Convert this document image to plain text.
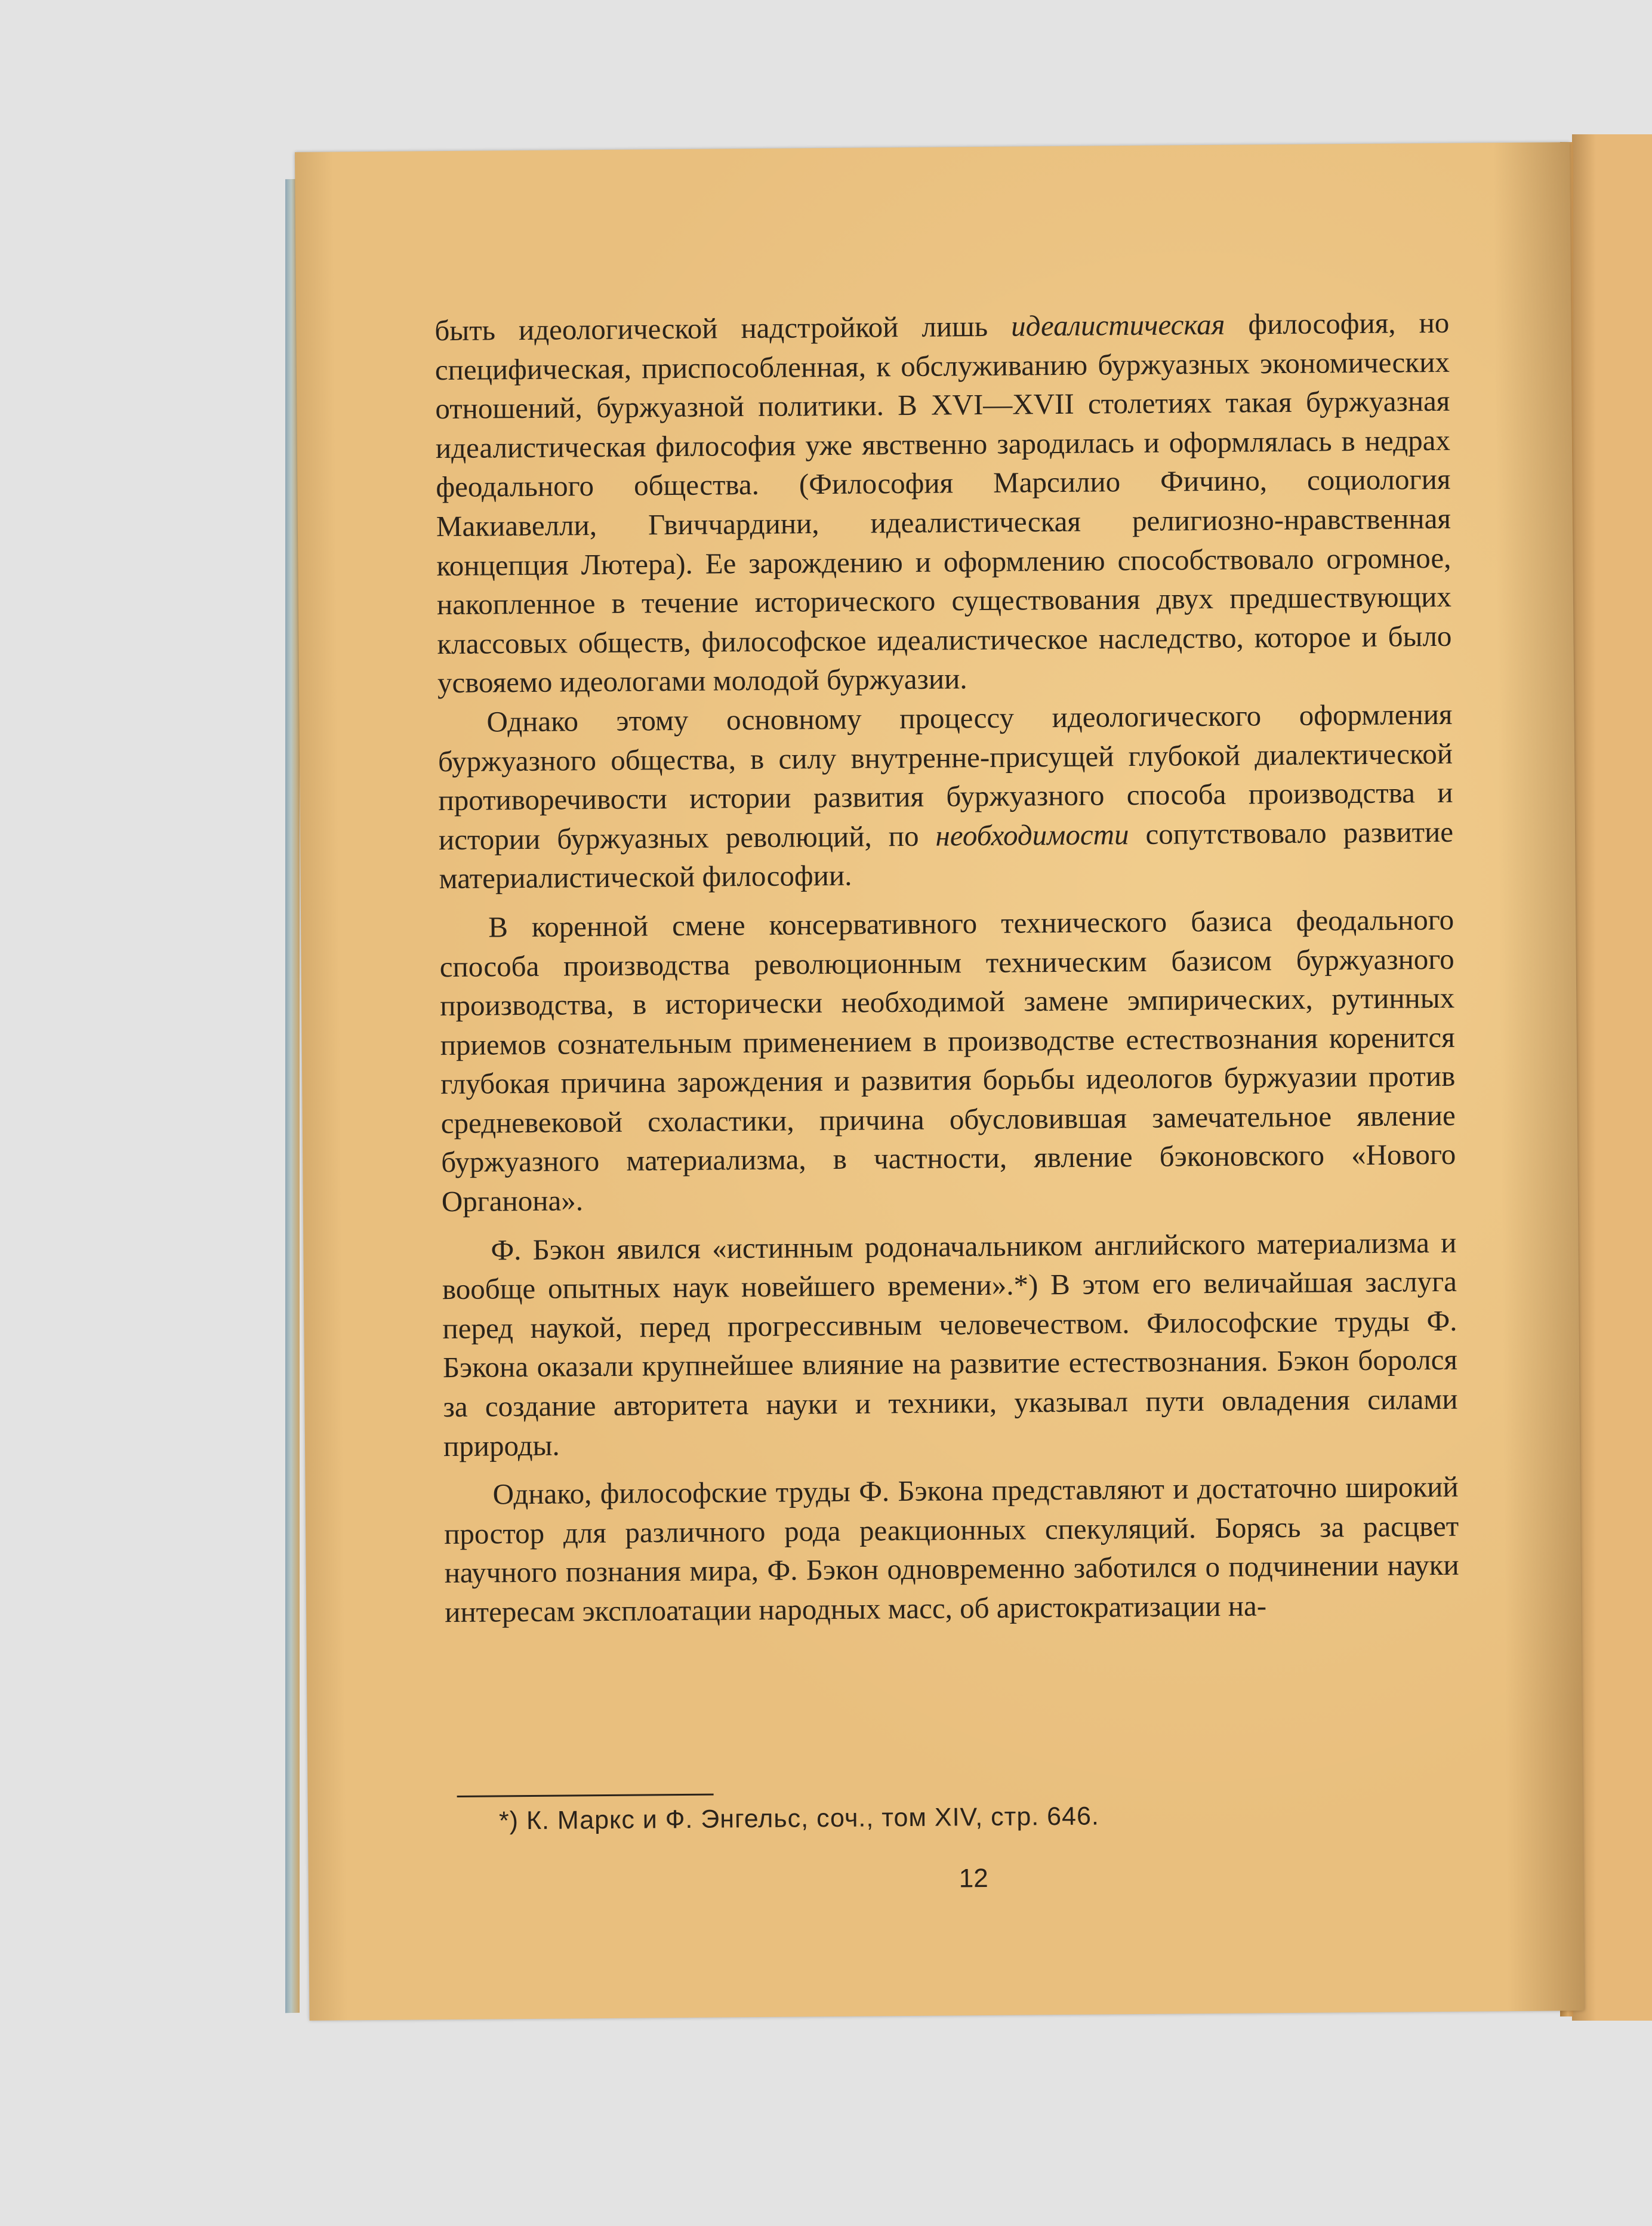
быть идеологической надстройкой лишь идеалистическая философия, но специфическая, приспособленная, к обслуживанию буржуазных экономических отношений, буржуазной политики. В XVI—XVII столетиях такая буржуазная идеалистическая философия уже явственно зародилась и оформлялась в недрах феодального общества. (Философия Марсилио Фичино, социология Макиавелли, Гвиччардини, идеалистическая религиозно-нравственная концепция Лютера). Ее зарождению и оформлению способствовало огромное, накопленное в течение исторического существования двух предшествующих классовых обществ, философское идеалистическое наследство, которое и было усвояемо идеологами молодой буржуазии.

Однако этому основному процессу идеологического оформления буржуазного общества, в силу внутренне-присущей глубокой диалектической противоречивости истории развития буржуазного способа производства и истории буржуазных революций, по необходимости сопутствовало развитие материалистической философии.

В коренной смене консервативного технического базиса феодального способа производства революционным техническим базисом буржуазного производства, в исторически необходимой замене эмпирических, рутинных приемов сознательным применением в производстве естествознания коренится глубокая причина зарождения и развития борьбы идеологов буржуазии против средневековой схоластики, причина обусловившая замечательное явление буржуазного материализма, в частности, явление бэконовского «Нового Органона».

Ф. Бэкон явился «истинным родоначальником английского материализма и вообще опытных наук новейшего времени».*) В этом его величайшая заслуга перед наукой, перед прогрессивным человечеством. Философские труды Ф. Бэкона оказали крупнейшее влияние на развитие естествознания. Бэкон боролся за создание авторитета науки и техники, указывал пути овладения силами природы.

Однако, философские труды Ф. Бэкона представляют и достаточно широкий простор для различного рода реакционных спекуляций. Борясь за расцвет научного познания мира, Ф. Бэкон одновременно заботился о подчинении науки интересам эксплоатации народных масс, об аристократизации на-

*) К. Маркс и Ф. Энгельс, соч., том XIV, стр. 646.
12
